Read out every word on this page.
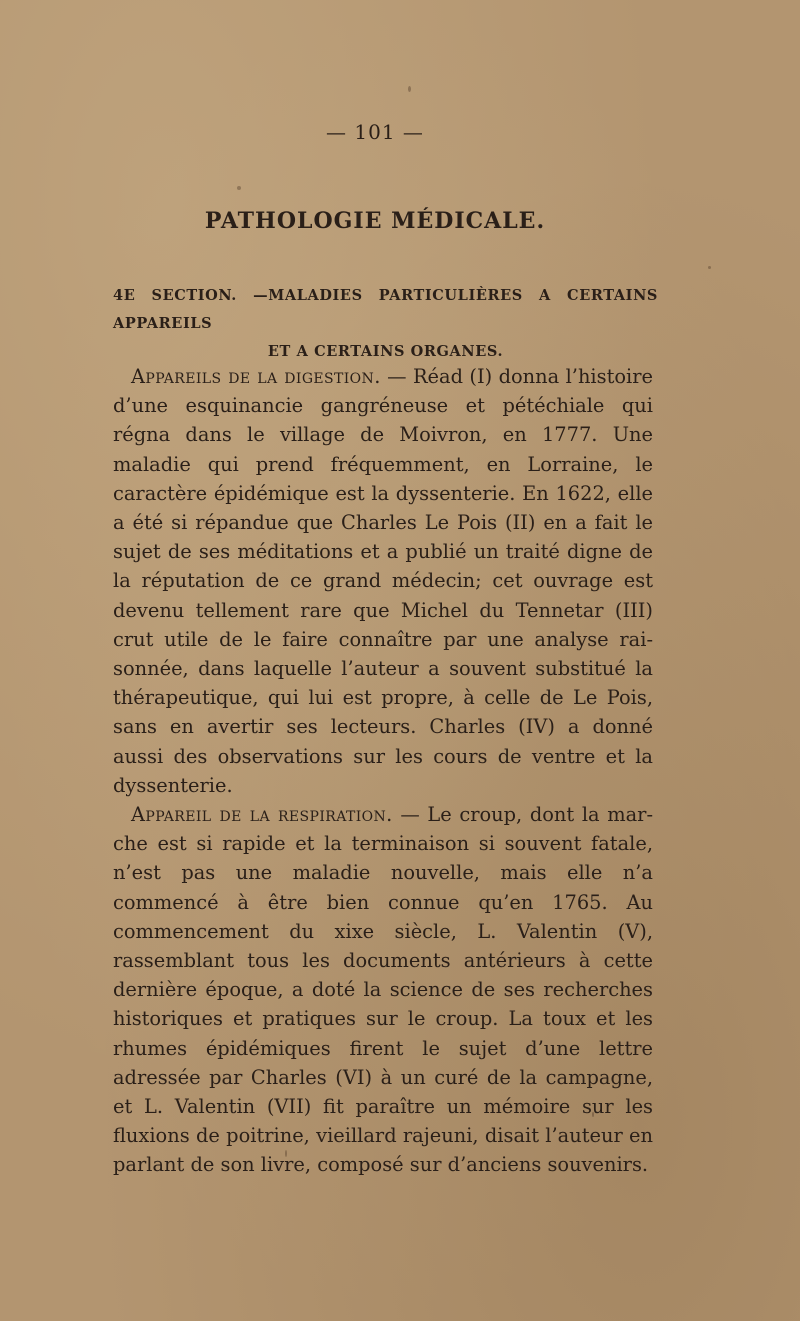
— 101 —
PATHOLOGIE MÉDICALE.
4E SECTION. —MALADIES PARTICULIÈRES A CERTAINS APPAREILS
ET A CERTAINS ORGANES.

Appareils de la digestion. — Réad (I) donna l’histoire d’une esquinancie gangréneuse et pétéchiale qui régna dans le village de Moivron, en 1777. Une maladie qui prend fréquemment, en Lorraine, le caractère épidémique est la dyssenterie. En 1622, elle a été si répandue que Charles Le Pois (II) en a fait le sujet de ses méditations et a publié un traité digne de la réputation de ce grand médecin; cet ouvrage est devenu tellement rare que Michel du Tennetar (III) crut utile de le faire connaître par une analyse raisonnée, dans laquelle l’auteur a souvent substitué la thérapeutique, qui lui est propre, à celle de Le Pois, sans en avertir ses lecteurs. Charles (IV) a donné aussi des observations sur les cours de ventre et la dyssenterie.

Appareil de la respiration. — Le croup, dont la marche est si rapide et la terminaison si souvent fatale, n’est pas une maladie nouvelle, mais elle n’a commencé à être bien connue qu’en 1765. Au commencement du xixe siècle, L. Valentin (V), rassemblant tous les documents antérieurs à cette dernière époque, a doté la science de ses recherches historiques et pratiques sur le croup. La toux et les rhumes épidémiques firent le sujet d’une lettre adressée par Charles (VI) à un curé de la campagne, et L. Valentin (VII) fit paraître un mémoire sur les fluxions de poitrine, vieillard rajeuni, disait l’auteur en parlant de son livre, composé sur d’anciens souvenirs.
